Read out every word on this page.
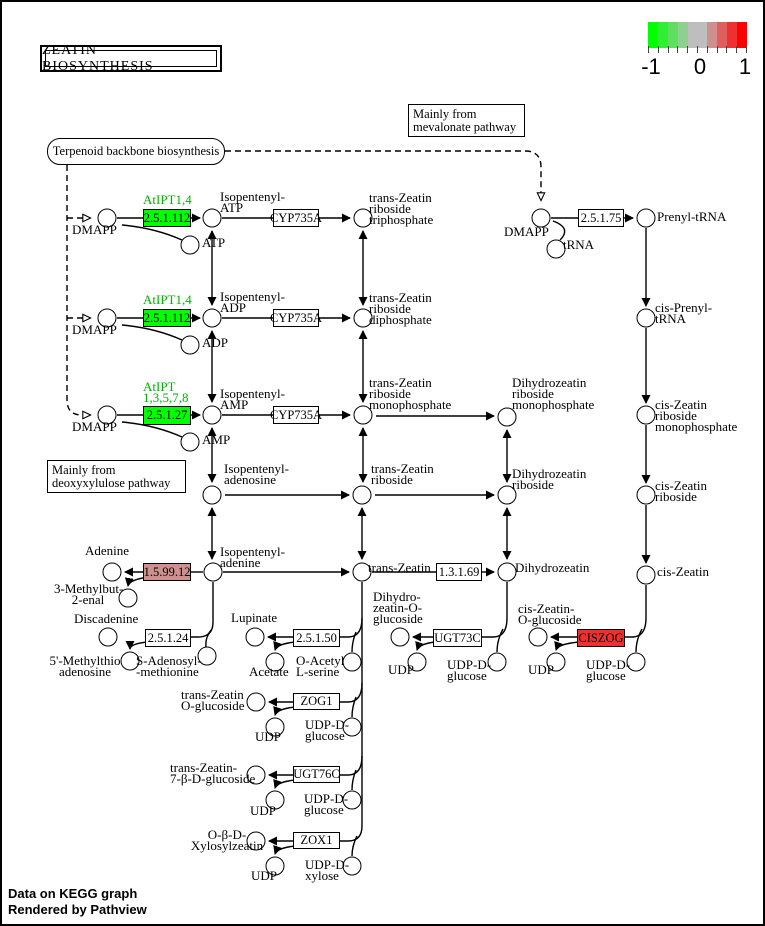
ZEATIN BIOSYNTHESIS	-1 0 1
Mainly from
mevalonate pathway
Terpenoid backbone biosynthesis
Mainly from
deoxyxylulose pathway
2.5.1.112	CYP735A	2.5.1.75
2.5.1.112	CYP735A
2.5.1.27	CYP735A
1.5.99.12	1.3.1.69
2.5.1.24	2.5.1.50	UGT73C	CISZOG
ZOG1
UGT76C
ZOX1
DMAPP
ATP
Isopentenyl-
ATP
trans-Zeatin
riboside
triphosphate
AtIPT1,4
DMAPP
ADP
Isopentenyl-
ADP
trans-Zeatin
riboside
diphosphate
AtIPT1,4
DMAPP
AMP
Isopentenyl-
AMP
trans-Zeatin
riboside
monophosphate
AtIPT
1,3,5,7,8
Dihydrozeatin
riboside
monophosphate
DMAPP
tRNA
Prenyl-tRNA
cis-Prenyl-
tRNA
cis-Zeatin
riboside
monophosphate
cis-Zeatin
riboside
cis-Zeatin
Isopentenyl-
adenosine
trans-Zeatin
riboside	Dihydrozeatin
riboside
Adenine
3-Methylbut-
2-enal
Isopentenyl-
adenine	trans-Zeatin	Dihydrozeatin
Discadenine
5'-Methylthio
adenosine
S-Adenosyl-
-methionine
Lupinate
Acetate
O-Acetyl
L-serine
Dihydro-
zeatin-O-
glucoside
UDP	UDP-D-
glucose
cis-Zeatin-
O-glucoside
UDP UDP-D-
glucose
trans-Zeatin
O-glucoside
UDP
UDP-D-
glucose
trans-Zeatin-
7-β-D-glucoside
UDP
UDP-D-
glucose
O-β-D-
Xylosylzeatin
UDP
UDP-D-
xylose
Data on KEGG graph
Rendered by Pathview
